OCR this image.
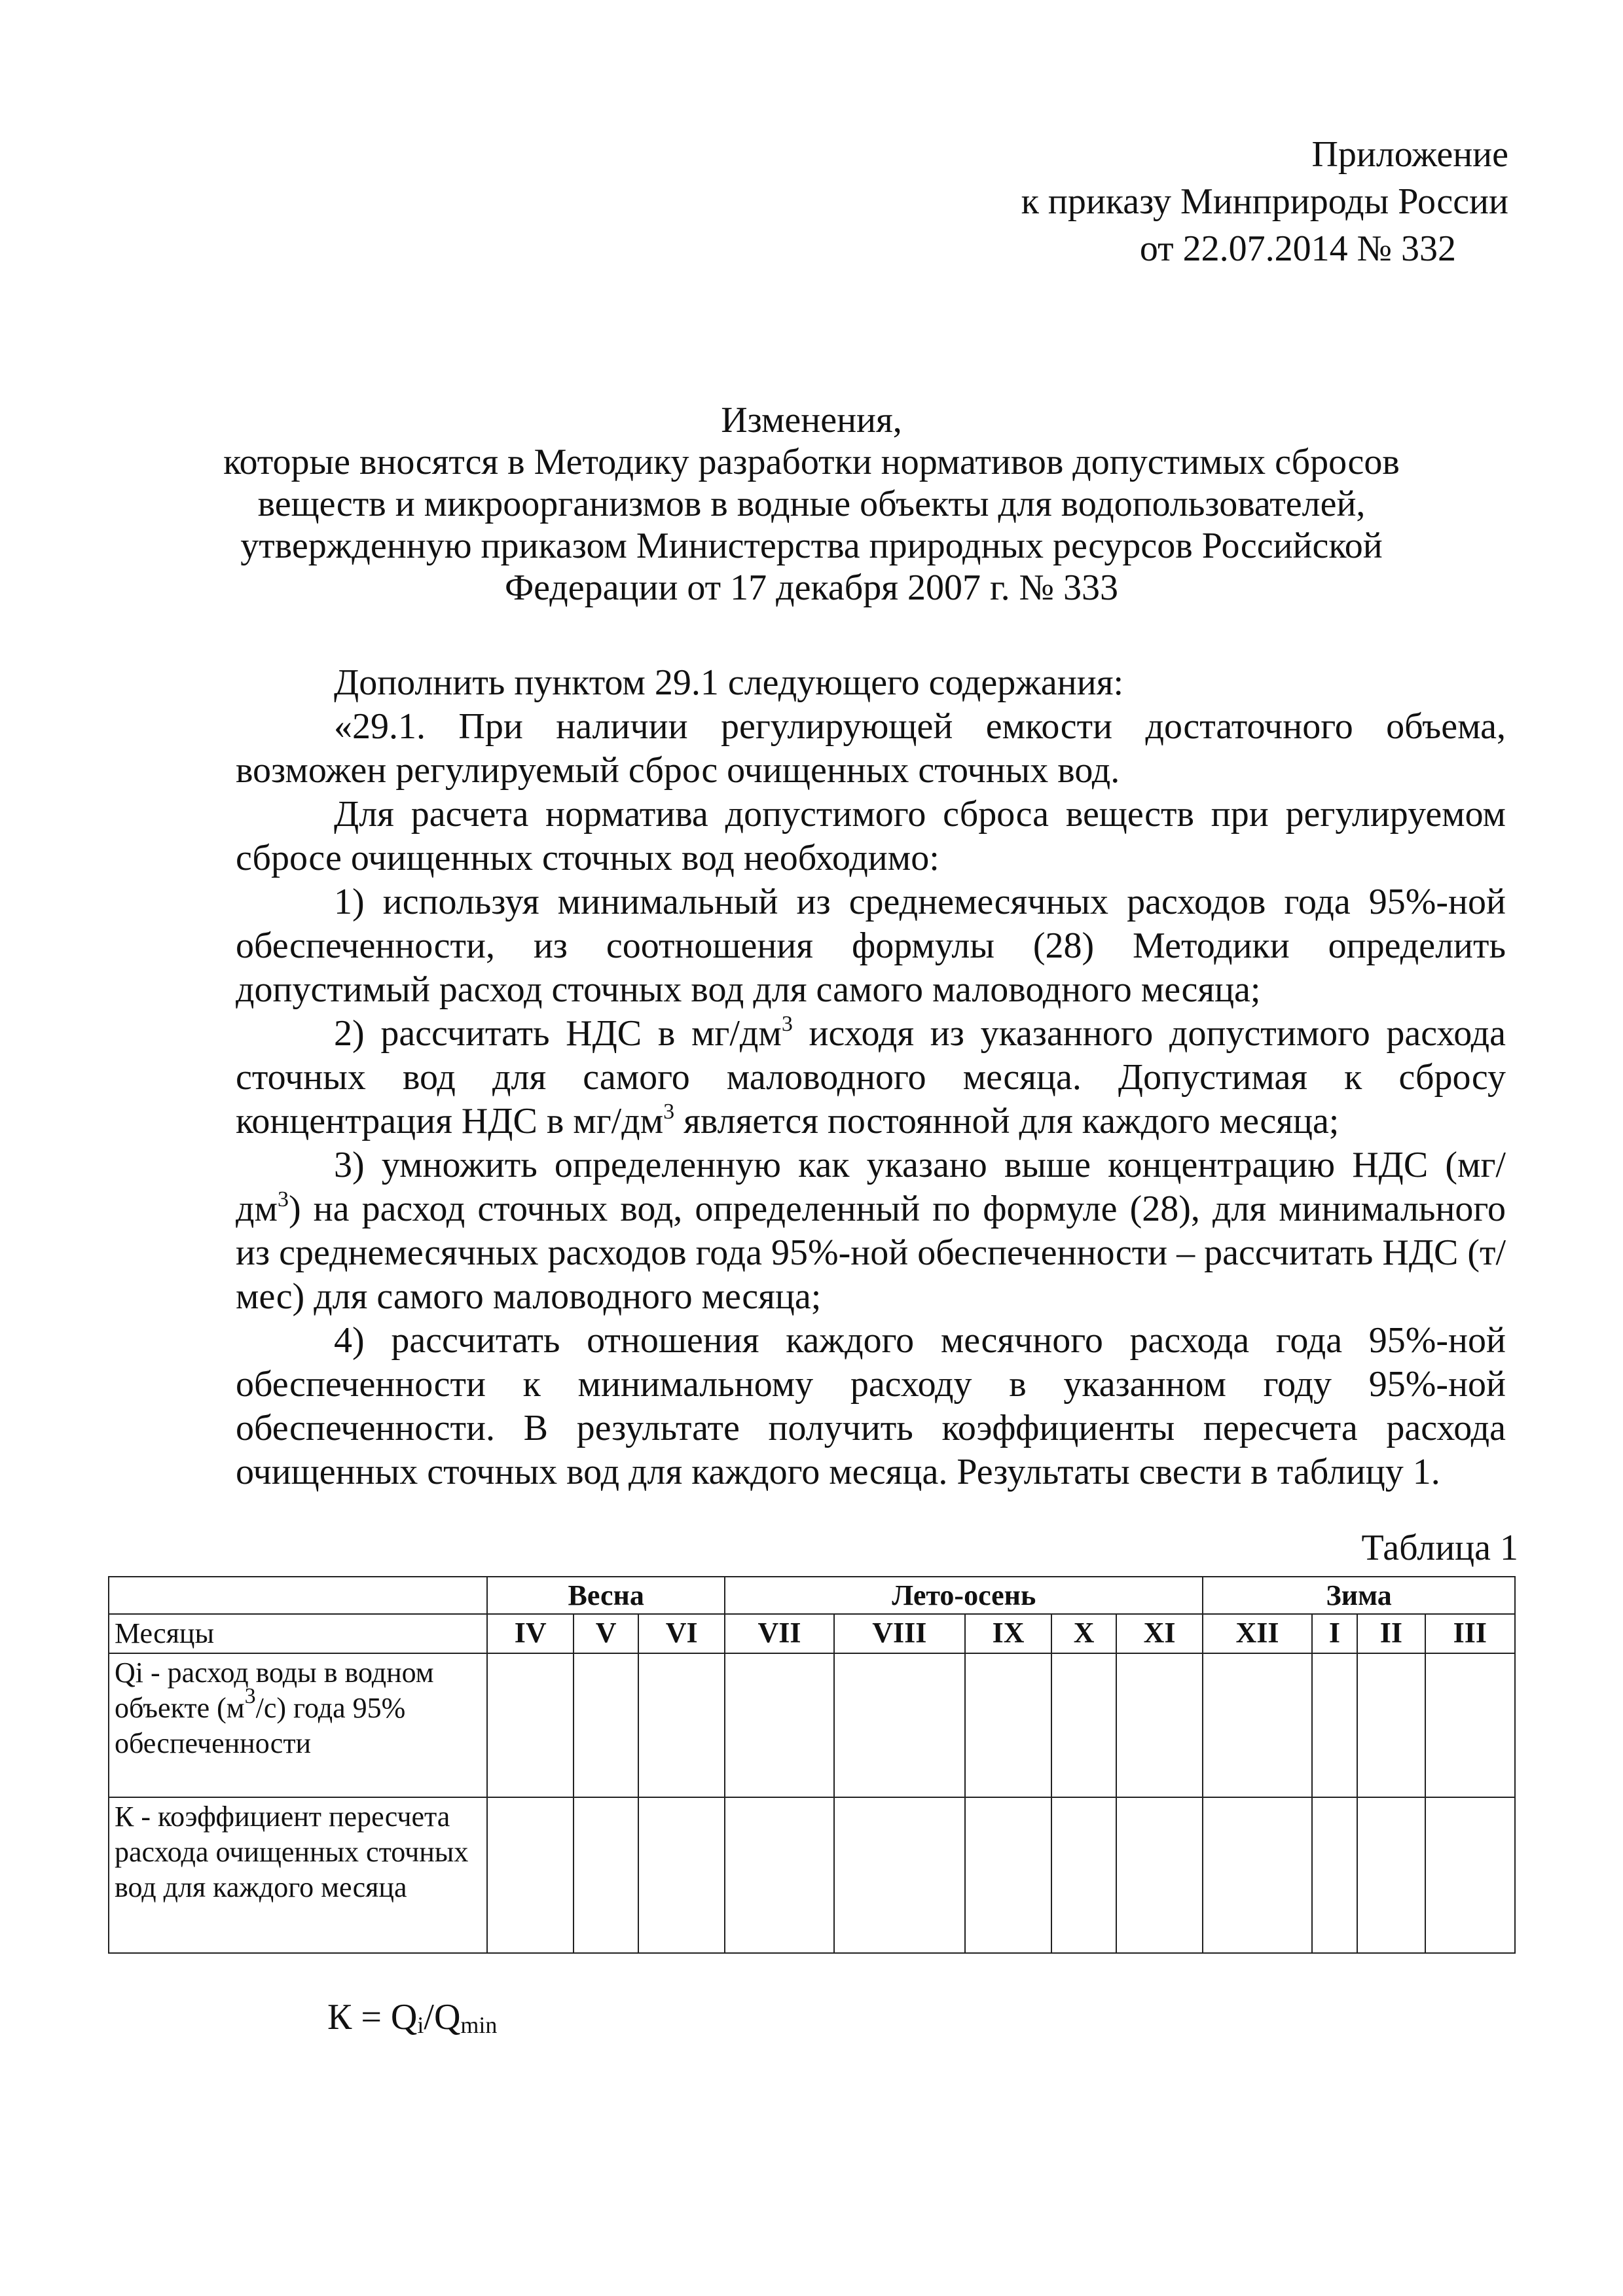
Приложение
к приказу Минприроды России
от 22.07.2014 № 332
Изменения,
которые вносятся в Методику разработки нормативов допустимых сбросов
веществ и микроорганизмов в водные объекты для водопользователей,
утвержденную приказом Министерства природных ресурсов Российской
Федерации от 17 декабря 2007 г. № 333

Дополнить пунктом 29.1 следующего содержания:

«29.1. При наличии регулирующей емкости достаточного объема, возможен регулируемый сброс очищенных сточных вод.

Для расчета норматива допустимого сброса веществ при регулируемом сбросе очищенных сточных вод необходимо:

1) используя минимальный из среднемесячных расходов года 95%-ной обеспеченности, из соотношения формулы (28) Методики определить допустимый расход сточных вод для самого маловодного месяца;

2) рассчитать НДС в $мг/дм^3$ исходя из указанного допустимого расхода сточных вод для самого маловодного месяца. Допустимая к сбросу концентрация НДС в $мг/дм^3$ является постоянной для каждого месяца;

3) умножить определенную как указано выше концентрацию НДС $(мг/дм^3)$ на расход сточных вод, определенный по формуле (28), для минимального из среднемесячных расходов года 95%-ной обеспеченности – рассчитать НДС (т/мес) для самого маловодного месяца;

4) рассчитать отношения каждого месячного расхода года 95%-ной обеспеченности к минимальному расходу в указанном году 95%-ной обеспеченности. В результате получить коэффициенты пересчета расхода очищенных сточных вод для каждого месяца. Результаты свести в таблицу 1.

Таблица 1
	Весна			Лето-осень					Зима			
Месяцы	IV	V	VI	VII	VIII	IX	X	XI	XII	I	II	III
Qi - расход воды в водном объекте $(м^3/с)$ года 95% обеспеченности												
К - коэффициент пересчета расхода очищенных сточных вод для каждого месяца												
К = Qi/Qmin
